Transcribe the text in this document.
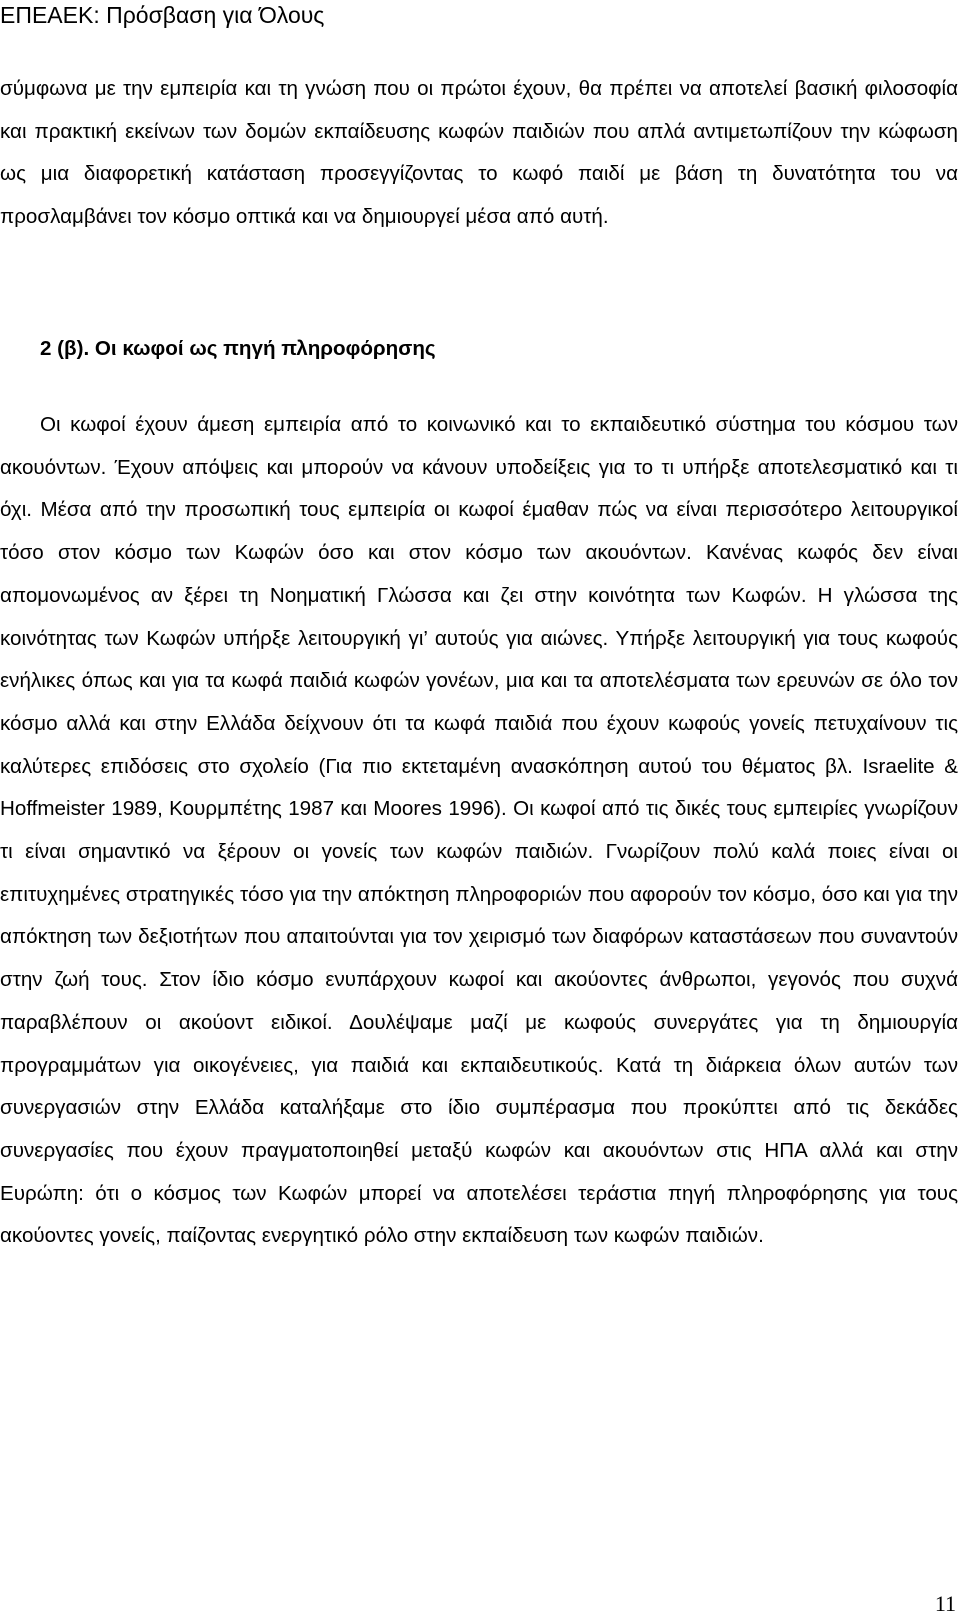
ΕΠΕΑΕΚ: Πρόσβαση για Όλους

σύμφωνα με την εμπειρία και τη γνώση που οι πρώτοι έχουν, θα πρέπει να αποτελεί βασική φιλοσοφία και πρακτική εκείνων των δομών εκπαίδευσης κωφών παιδιών που απλά αντιμετωπίζουν την κώφωση ως μια διαφορετική κατάσταση προσεγγίζοντας το κωφό παιδί με βάση τη δυνατότητα του να προσλαμβάνει τον κόσμο οπτικά και να δημιουργεί μέσα από αυτή.

2 (β). Οι κωφοί ως πηγή πληροφόρησης

Οι κωφοί έχουν άμεση εμπειρία από το κοινωνικό και το εκπαιδευτικό σύστημα του κόσμου των ακουόντων. Έχουν απόψεις και μπορούν να κάνουν υποδείξεις για το τι υπήρξε αποτελεσματικό και τι όχι. Μέσα από την προσωπική τους εμπειρία οι κωφοί έμαθαν πώς να είναι περισσότερο λειτουργικοί τόσο στον κόσμο των Κωφών όσο και στον κόσμο των ακουόντων. Κανένας κωφός δεν είναι απομονωμένος αν ξέρει τη Νοηματική Γλώσσα και ζει στην κοινότητα των Κωφών. Η γλώσσα της κοινότητας των Κωφών υπήρξε λειτουργική γι’ αυτούς για αιώνες. Υπήρξε λειτουργική για τους κωφούς ενήλικες όπως και για τα κωφά παιδιά κωφών γονέων, μια και τα αποτελέσματα των ερευνών σε όλο τον κόσμο αλλά και στην Ελλάδα δείχνουν ότι τα κωφά παιδιά που έχουν κωφούς γονείς πετυχαίνουν τις καλύτερες επιδόσεις στο σχολείο (Για πιο εκτεταμένη ανασκόπηση αυτού του θέματος βλ. Israelite & Hoffmeister 1989, Κουρμπέτης 1987 και Moores 1996). Οι κωφοί από τις δικές τους εμπειρίες γνωρίζουν τι είναι σημαντικό να ξέρουν οι γονείς των κωφών παιδιών. Γνωρίζουν πολύ καλά ποιες είναι οι επιτυχημένες στρατηγικές τόσο για την απόκτηση πληροφοριών που αφορούν τον κόσμο, όσο και για την απόκτηση των δεξιοτήτων που απαιτούνται για τον χειρισμό των διαφόρων καταστάσεων που συναντούν στην ζωή τους. Στον ίδιο κόσμο ενυπάρχουν κωφοί και ακούοντες άνθρωποι, γεγονός που συχνά παραβλέπουν οι ακούοντ ειδικοί. Δουλέψαμε μαζί με κωφούς συνεργάτες για τη δημιουργία προγραμμάτων για οικογένειες, για παιδιά και εκπαιδευτικούς. Κατά τη διάρκεια όλων αυτών των συνεργασιών στην Ελλάδα καταλήξαμε στο ίδιο συμπέρασμα που προκύπτει από τις δεκάδες συνεργασίες που έχουν πραγματοποιηθεί μεταξύ κωφών και ακουόντων στις ΗΠΑ αλλά και στην Ευρώπη: ότι ο κόσμος των Κωφών μπορεί να αποτελέσει τεράστια πηγή πληροφόρησης για τους ακούοντες γονείς, παίζοντας ενεργητικό ρόλο στην εκπαίδευση των κωφών παιδιών.

11
